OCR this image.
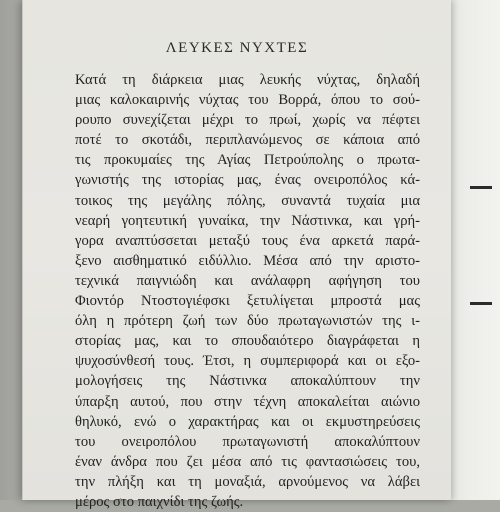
ΛΕΥΚΕΣ ΝΥΧΤΕΣ
Κατά τη διάρκεια μιας λευκής νύχτας, δηλαδή
μιας καλοκαιρινής νύχτας του Βορρά, όπου το σού-
ρουπο συνεχίζεται μέχρι το πρωί, χωρίς να πέφτει
ποτέ το σκοτάδι, περιπλανώμενος σε κάποια από
τις προκυμαίες της Αγίας Πετρούπολης ο πρωτα-
γωνιστής της ιστορίας μας, ένας ονειροπόλος κά-
τοικος της μεγάλης πόλης, συναντά τυχαία μια
νεαρή γοητευτική γυναίκα, την Νάστινκα, και γρή-
γορα αναπτύσσεται μεταξύ τους ένα αρκετά παρά-
ξενο αισθηματικό ειδύλλιο. Μέσα από την αριστο-
τεχνικά παιγνιώδη και ανάλαφρη αφήγηση του
Φιοντόρ Ντοστογιέφσκι ξετυλίγεται μπροστά μας
όλη η πρότερη ζωή των δύο πρωταγωνιστών της ι-
στορίας μας, και το σπουδαιότερο διαγράφεται η
ψυχοσύνθεσή τους. Έτσι, η συμπεριφορά και οι εξο-
μολογήσεις της Νάστινκα αποκαλύπτουν την
ύπαρξη αυτού, που στην τέχνη αποκαλείται αιώνιο
θηλυκό, ενώ ο χαρακτήρας και οι εκμυστηρεύσεις
του ονειροπόλου πρωταγωνιστή αποκαλύπτουν
έναν άνδρα που ζει μέσα από τις φαντασιώσεις του,
την πλήξη και τη μοναξιά, αρνούμενος να λάβει
μέρος στο παιχνίδι της ζωής.
